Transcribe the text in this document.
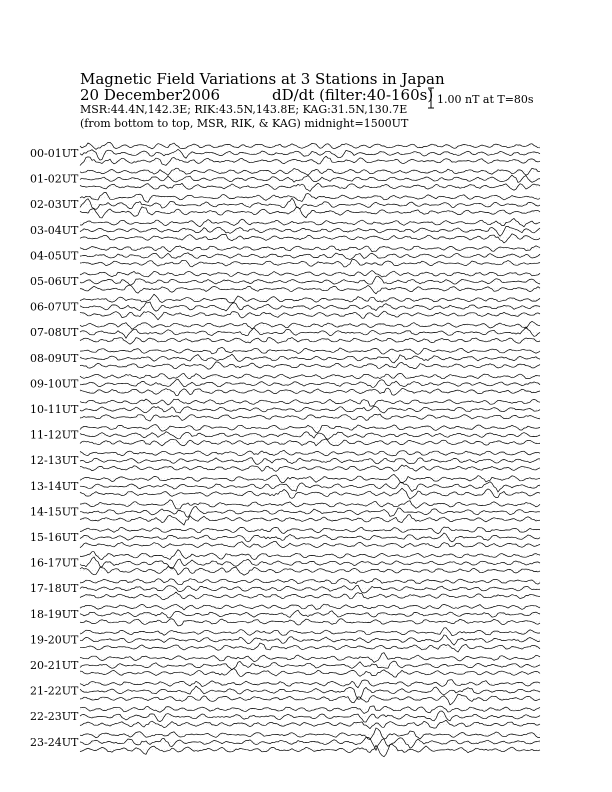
Magnetic Field Variations at 3 Stations in Japan
20 December2006	dD/dt (filter:40-160s)
MSR:44.4N,142.3E; RIK:43.5N,143.8E; KAG:31.5N,130.7E
(from bottom to top, MSR, RIK, & KAG) midnight=1500UT
1.00 nT at T=80s
00-01UT
01-02UT
02-03UT
03-04UT
04-05UT
05-06UT
06-07UT
07-08UT
08-09UT
09-10UT
10-11UT
11-12UT
12-13UT
13-14UT
14-15UT
15-16UT
16-17UT
17-18UT
18-19UT
19-20UT
20-21UT
21-22UT
22-23UT
23-24UT
